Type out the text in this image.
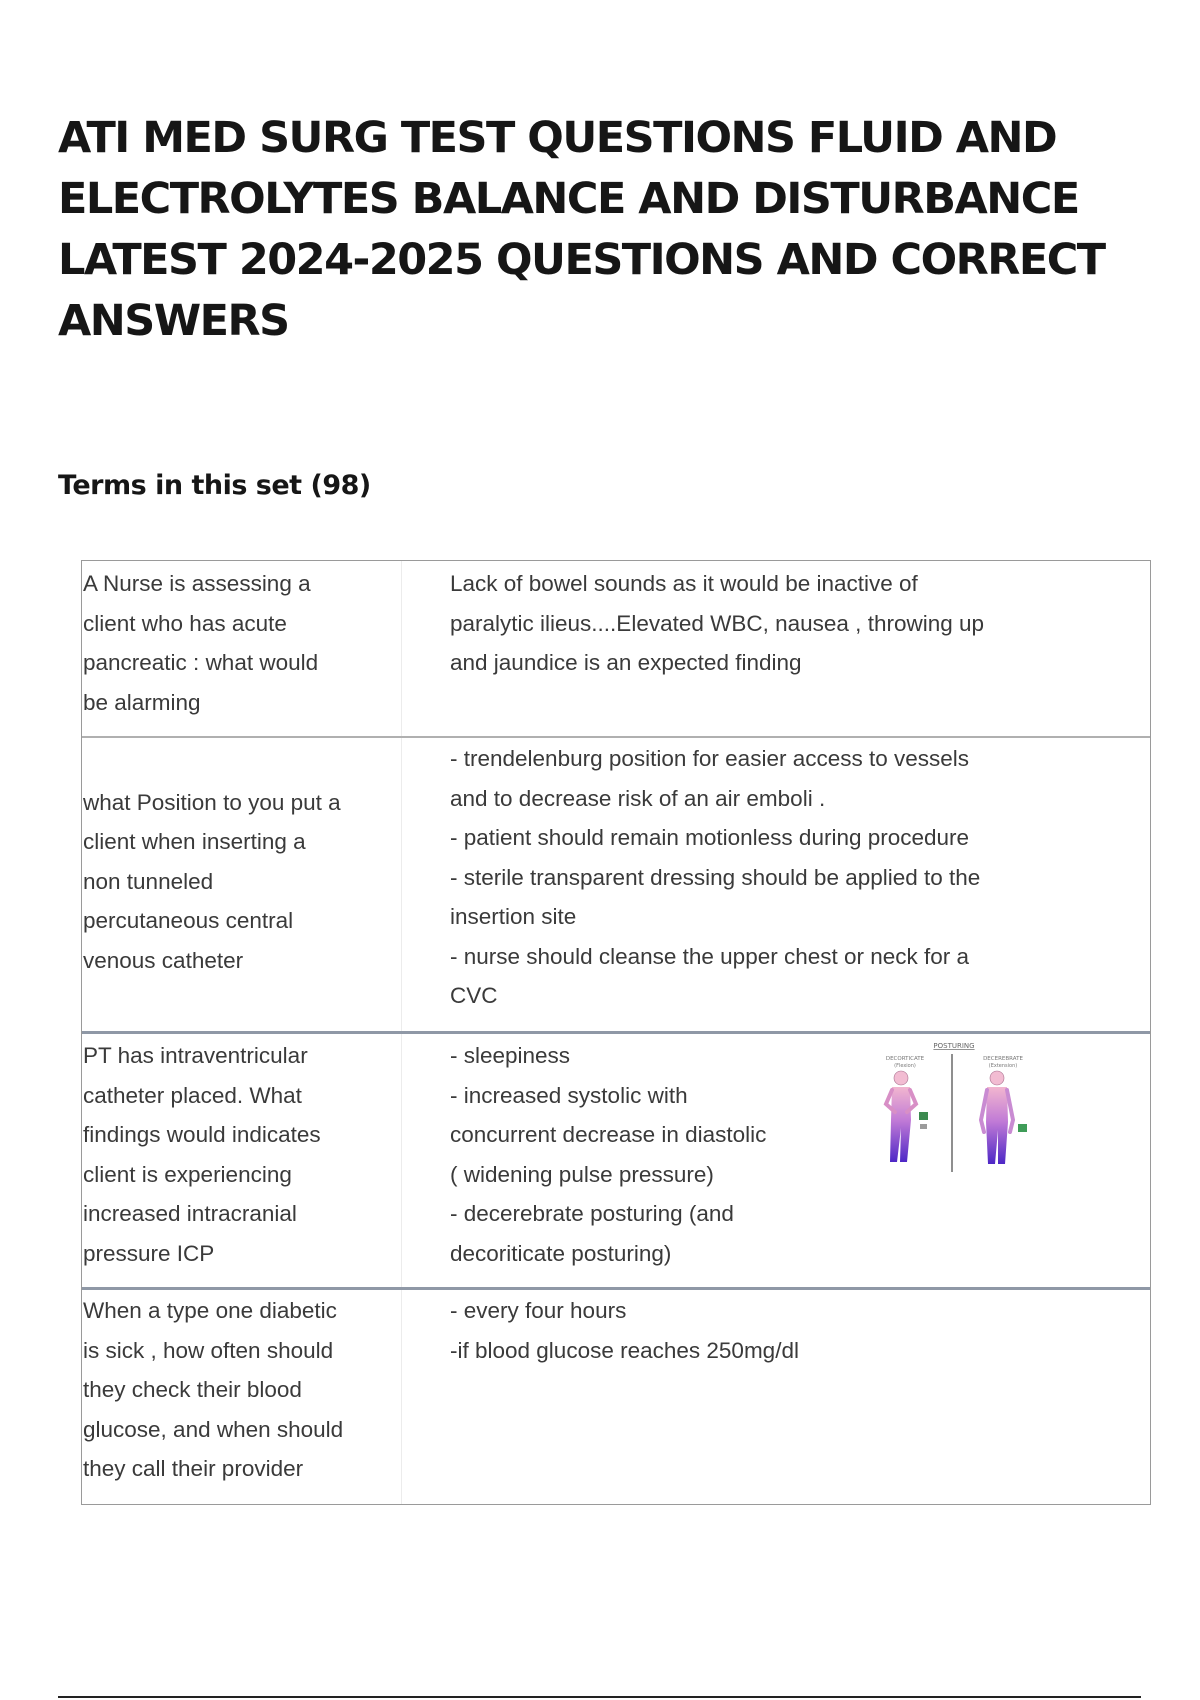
ATI MED SURG TEST QUESTIONS FLUID AND ELECTROLYTES BALANCE AND DISTURBANCE LATEST 2024-2025 QUESTIONS AND CORRECT ANSWERS
Terms in this set (98)
A Nurse is assessing a
client who has acute
pancreatic : what would
be alarming
Lack of bowel sounds as it would be inactive of
paralytic ilieus....Elevated WBC, nausea , throwing up
and jaundice is an expected finding
what Position to you put a
client when inserting a
non tunneled
percutaneous central
venous catheter
- trendelenburg position for easier access to vessels
and to decrease risk of an air emboli .
- patient should remain motionless during procedure
- sterile transparent dressing should be applied to the
insertion site
- nurse should cleanse the upper chest or neck for a
CVC
PT has intraventricular
catheter placed. What
findings would indicates
client is experiencing
increased intracranial
pressure ICP
- sleepiness
- increased systolic with
concurrent decrease in diastolic
( widening pulse pressure)
- decerebrate posturing (and
decoriticate posturing)
POSTURING
DECORTICATE
(Flexion)
DECEREBRATE
(Extension)
When a type one diabetic
is sick , how often should
they check their blood
glucose, and when should
they call their provider
- every four hours
-if blood glucose reaches 250mg/dl
